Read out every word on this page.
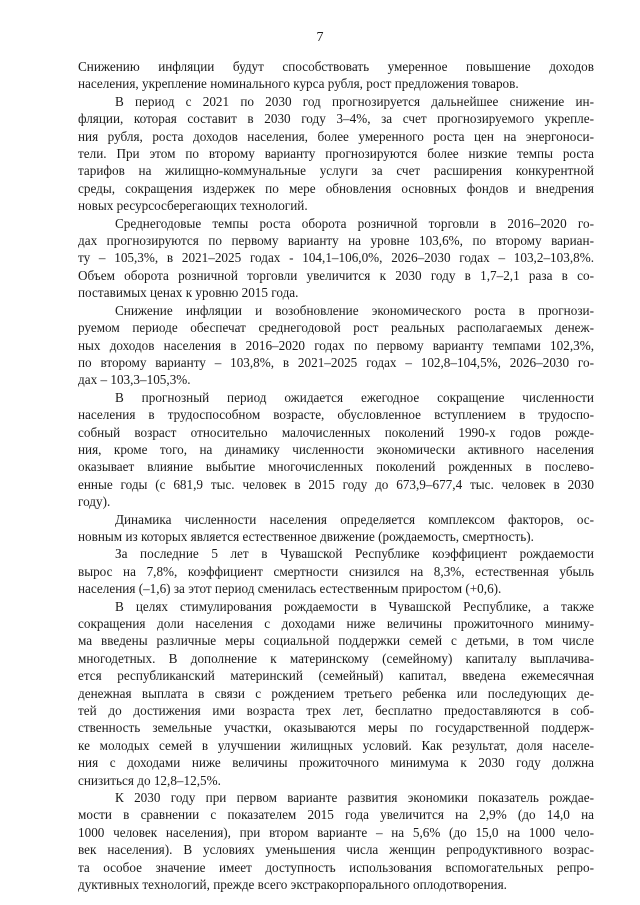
7

Снижению инфляции будут способствовать умеренное повышение доходов
населения, укрепление номинального курса рубля, рост предложения товаров.

В период с 2021 по 2030 год прогнозируется дальнейшее снижение ин-
фляции, которая составит в 2030 году 3–4%, за счет прогнозируемого укрепле-
ния рубля, роста доходов населения, более умеренного роста цен на энергоноси-
тели. При этом по второму варианту прогнозируются более низкие темпы роста
тарифов на жилищно-коммунальные услуги за счет расширения конкурентной
среды, сокращения издержек по мере обновления основных фондов и внедрения
новых ресурсосберегающих технологий.

Среднегодовые темпы роста оборота розничной торговли в 2016–2020 го-
дах прогнозируются по первому варианту на уровне 103,6%, по второму вариан-
ту – 105,3%, в 2021–2025 годах - 104,1–106,0%, 2026–2030 годах – 103,2–103,8%.
Объем оборота розничной торговли увеличится к 2030 году в 1,7–2,1 раза в со-
поставимых ценах к уровню 2015 года.

Снижение инфляции и возобновление экономического роста в прогнози-
руемом периоде обеспечат среднегодовой рост реальных располагаемых денеж-
ных доходов населения в 2016–2020 годах по первому варианту темпами 102,3%,
по второму варианту – 103,8%, в 2021–2025 годах – 102,8–104,5%, 2026–2030 го-
дах – 103,3–105,3%.

В прогнозный период ожидается ежегодное сокращение численности
населения в трудоспособном возрасте, обусловленное вступлением в трудоспо-
собный возраст относительно малочисленных поколений 1990-х годов рожде-
ния, кроме того, на динамику численности экономически активного населения
оказывает влияние выбытие многочисленных поколений рожденных в послево-
енные годы (с 681,9 тыс. человек в 2015 году до 673,9–677,4 тыс. человек в 2030
году).

Динамика численности населения определяется комплексом факторов, ос-
новным из которых является естественное движение (рождаемость, смертность).

За последние 5 лет в Чувашской Республике коэффициент рождаемости
вырос на 7,8%, коэффициент смертности снизился на 8,3%, естественная убыль
населения (–1,6) за этот период сменилась естественным приростом (+0,6).

В целях стимулирования рождаемости в Чувашской Республике, а также
сокращения доли населения с доходами ниже величины прожиточного миниму-
ма введены различные меры социальной поддержки семей с детьми, в том числе
многодетных. В дополнение к материнскому (семейному) капиталу выплачива-
ется республиканский материнский (семейный) капитал, введена ежемесячная
денежная выплата в связи с рождением третьего ребенка или последующих де-
тей до достижения ими возраста трех лет, бесплатно предоставляются в соб-
ственность земельные участки, оказываются меры по государственной поддерж-
ке молодых семей в улучшении жилищных условий. Как результат, доля населе-
ния с доходами ниже величины прожиточного минимума к 2030 году должна
снизиться до 12,8–12,5%.

К 2030 году при первом варианте развития экономики показатель рождае-
мости в сравнении с показателем 2015 года увеличится на 2,9% (до 14,0 на
1000 человек населения), при втором варианте – на 5,6% (до 15,0 на 1000 чело-
век населения). В условиях уменьшения числа женщин репродуктивного возрас-
та особое значение имеет доступность использования вспомогательных репро-
дуктивных технологий, прежде всего экстракорпорального оплодотворения.
